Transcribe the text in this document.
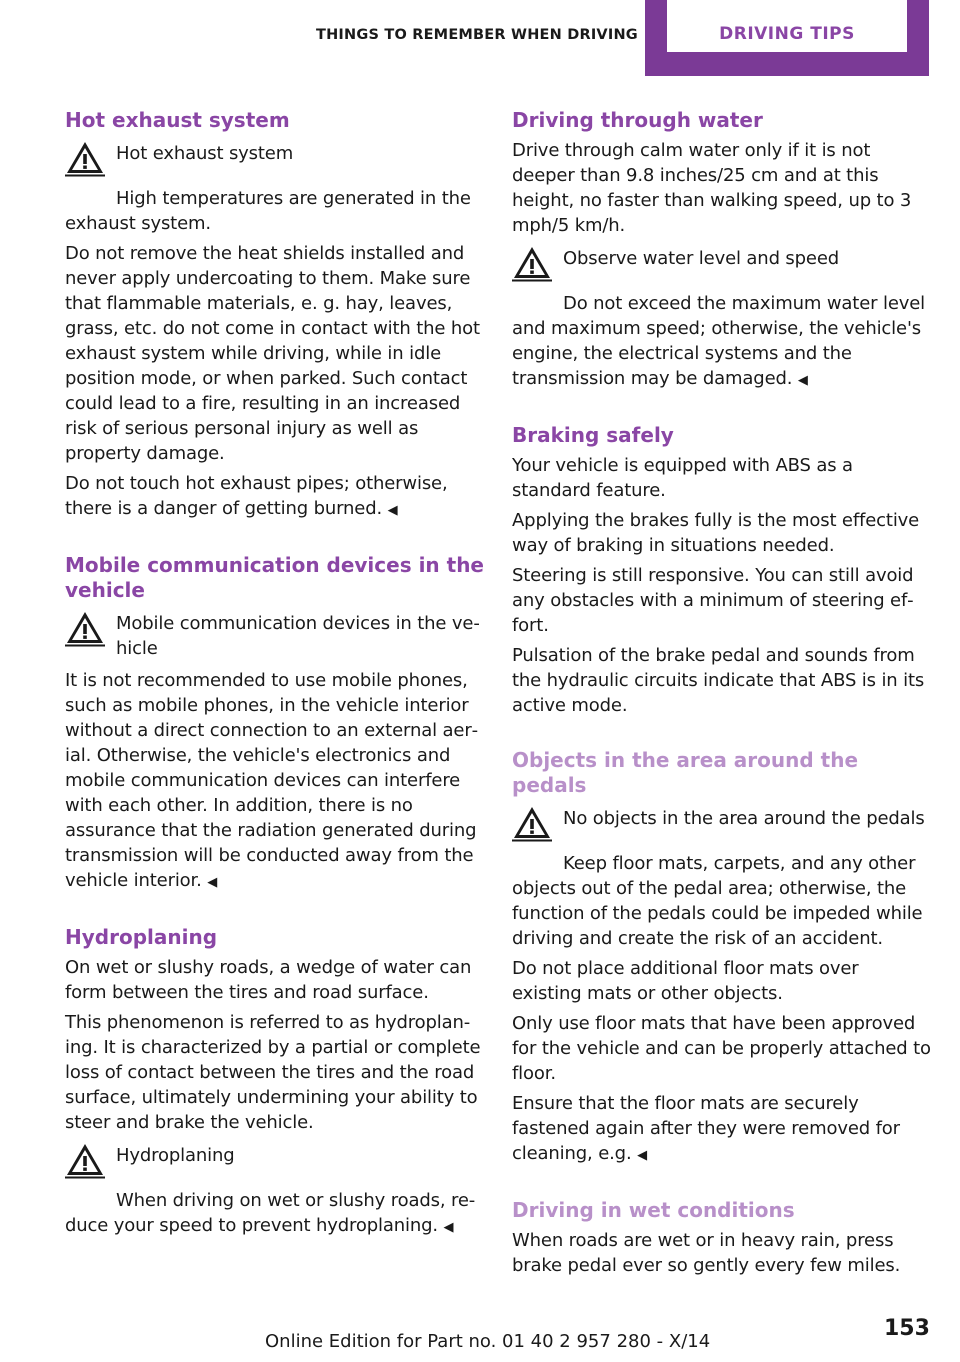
THINGS TO REMEMBER WHEN DRIVING	DRIVING TIPS
Hot exhaust system
Hot exhaust system
High temperatures are generated in the exhaust system.

Do not remove the heat shields installed and never apply undercoating to them. Make sure that flammable materials, e. g. hay, leaves, grass, etc. do not come in contact with the hot exhaust system while driving, while in idle position mode, or when parked. Such contact could lead to a fire, resulting in an increased risk of serious personal injury as well as property damage.

Do not touch hot exhaust pipes; otherwise, there is a danger of getting burned. ◀

Mobile communication devices in the vehicle
Mobile communication devices in the vehicle
It is not recommended to use mobile phones, such as mobile phones, in the vehicle interior without a direct connection to an external aerial. Otherwise, the vehicle's electronics and mobile communication devices can interfere with each other. In addition, there is no assurance that the radiation generated during transmission will be conducted away from the vehicle interior. ◀
Hydroplaning

On wet or slushy roads, a wedge of water can form between the tires and road surface.

This phenomenon is referred to as hydroplaning. It is characterized by a partial or complete loss of contact between the tires and the road surface, ultimately undermining your ability to steer and brake the vehicle.

Hydroplaning
When driving on wet or slushy roads, reduce your speed to prevent hydroplaning. ◀
Driving through water

Drive through calm water only if it is not deeper than 9.8 inches/25 cm and at this height, no faster than walking speed, up to 3 mph/5 km/h.

Observe water level and speed
Do not exceed the maximum water level and maximum speed; otherwise, the vehicle's engine, the electrical systems and the transmission may be damaged. ◀
Braking safely

Your vehicle is equipped with ABS as a standard feature.

Applying the brakes fully is the most effective way of braking in situations needed.

Steering is still responsive. You can still avoid any obstacles with a minimum of steering effort.

Pulsation of the brake pedal and sounds from the hydraulic circuits indicate that ABS is in its active mode.

Objects in the area around the pedals
No objects in the area around the pedals
Keep floor mats, carpets, and any other objects out of the pedal area; otherwise, the function of the pedals could be impeded while driving and create the risk of an accident.

Do not place additional floor mats over existing mats or other objects.

Only use floor mats that have been approved for the vehicle and can be properly attached to floor.

Ensure that the floor mats are securely fastened again after they were removed for cleaning, e.g. ◀

Driving in wet conditions

When roads are wet or in heavy rain, press brake pedal ever so gently every few miles.

Online Edition for Part no. 01 40 2 957 280 - X/14
153
